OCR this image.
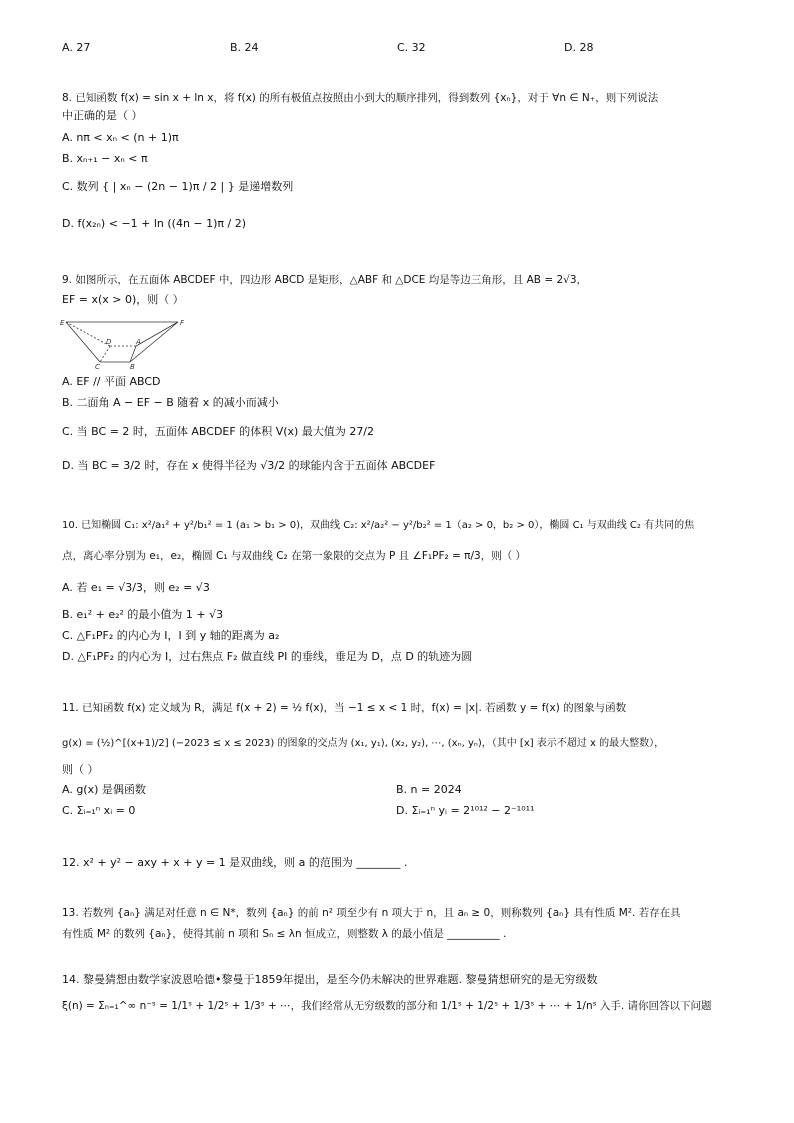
A. 27	B. 24	C. 32	D. 28
8. 已知函数 f(x) = sin x + ln x，将 f(x) 的所有极值点按照由小到大的顺序排列，得到数列 {xₙ}，对于 ∀n ∈ N₊，则下列说法
中正确的是（ ）
A. nπ < xₙ < (n + 1)π
B. xₙ₊₁ − xₙ < π
C. 数列 { | xₙ − (2n − 1)π / 2 | } 是递增数列
D. f(x₂ₙ) < −1 + ln ((4n − 1)π / 2)
9. 如图所示，在五面体 ABCDEF 中，四边形 ABCD 是矩形，△ABF 和 △DCE 均是等边三角形，且 AB = 2√3，
EF = x(x > 0)，则（ ）
E	F
D	A
C	B
A. EF // 平面 ABCD
B. 二面角 A − EF − B 随着 x 的减小而减小
C. 当 BC = 2 时，五面体 ABCDEF 的体积 V(x) 最大值为 27/2
D. 当 BC = 3/2 时，存在 x 使得半径为 √3/2 的球能内含于五面体 ABCDEF
10. 已知椭圆 C₁: x²/a₁² + y²/b₁² = 1 (a₁ > b₁ > 0)，双曲线 C₂: x²/a₂² − y²/b₂² = 1（a₂ > 0，b₂ > 0），椭圆 C₁ 与双曲线 C₂ 有共同的焦
点，离心率分别为 e₁，e₂，椭圆 C₁ 与双曲线 C₂ 在第一象限的交点为 P 且 ∠F₁PF₂ = π/3，则（ ）
A. 若 e₁ = √3/3，则 e₂ = √3
B. e₁² + e₂² 的最小值为 1 + √3
C. △F₁PF₂ 的内心为 I，I 到 y 轴的距离为 a₂
D. △F₁PF₂ 的内心为 I，过右焦点 F₂ 做直线 PI 的垂线，垂足为 D，点 D 的轨迹为圆
11. 已知函数 f(x) 定义域为 R，满足 f(x + 2) = ½ f(x)，当 −1 ≤ x < 1 时，f(x) = |x|. 若函数 y = f(x) 的图象与函数
g(x) = (½)^[(x+1)/2] (−2023 ≤ x ≤ 2023) 的图象的交点为 (x₁, y₁), (x₂, y₂), ⋯, (xₙ, yₙ)，（其中 [x] 表示不超过 x 的最大整数），
则（ ）
A. g(x) 是偶函数	B. n = 2024
C. Σᵢ₌₁ⁿ xᵢ = 0	D. Σᵢ₌₁ⁿ yᵢ = 2¹⁰¹² − 2⁻¹⁰¹¹
12. x² + y² − axy + x + y = 1 是双曲线，则 a 的范围为 ________ .
13. 若数列 {aₙ} 满足对任意 n ∈ N*，数列 {aₙ} 的前 n² 项至少有 n 项大于 n，且 aₙ ≥ 0，则称数列 {aₙ} 具有性质 M². 若存在具
有性质 M² 的数列 {aₙ}，使得其前 n 项和 Sₙ ≤ λn 恒成立，则整数 λ 的最小值是 __________ .
14. 黎曼猜想由数学家波恩哈德•黎曼于1859年提出，是至今仍未解决的世界难题. 黎曼猜想研究的是无穷级数
ξ(n) = Σₙ₌₁^∞ n⁻ˢ = 1/1ˢ + 1/2ˢ + 1/3ˢ + ⋯，我们经常从无穷级数的部分和 1/1ˢ + 1/2ˢ + 1/3ˢ + ⋯ + 1/nˢ 入手. 请你回答以下问题
